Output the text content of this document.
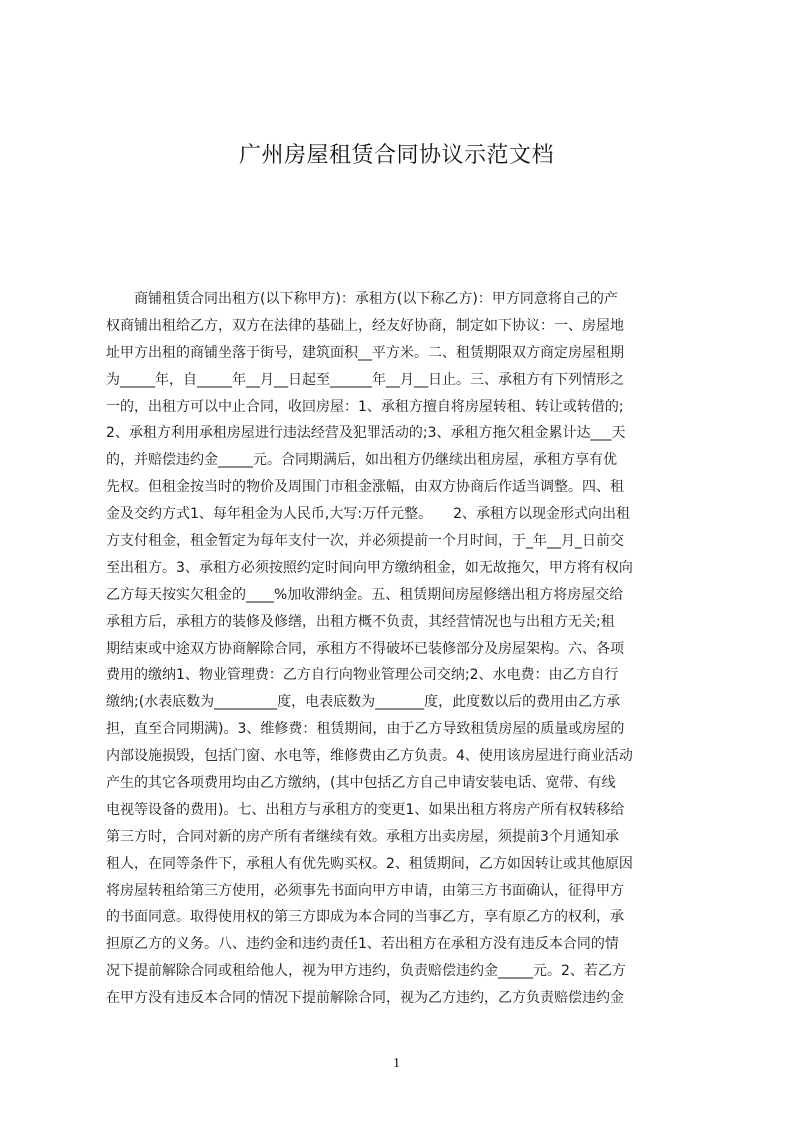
广州房屋租赁合同协议示范文档
　　商铺租赁合同出租方(以下称甲方)：承租方(以下称乙方)：甲方同意将自己的产
权商铺出租给乙方，双方在法律的基础上，经友好协商，制定如下协议：一、房屋地
址甲方出租的商铺坐落于街号，建筑面积__平方米。二、租赁期限双方商定房屋租期
为_____年，自_____年__月__日起至______年__月__日止。三、承租方有下列情形之
一的，出租方可以中止合同，收回房屋：1、承租方擅自将房屋转租、转让或转借的;
2、承租方利用承租房屋进行违法经营及犯罪活动的;3、承租方拖欠租金累计达___天
的，并赔偿违约金_____元。合同期满后，如出租方仍继续出租房屋，承租方享有优
先权。但租金按当时的物价及周围门市租金涨幅，由双方协商后作适当调整。四、租
金及交约方式1、每年租金为人民币,大写:万仟元整。　　2、承租方以现金形式向出租
方支付租金，租金暂定为每年支付一次，并必须提前一个月时间，于_年__月_日前交
至出租方。3、承租方必须按照约定时间向甲方缴纳租金，如无故拖欠，甲方将有权向
乙方每天按实欠租金的____%加收滞纳金。五、租赁期间房屋修缮出租方将房屋交给
承租方后，承租方的装修及修缮，出租方概不负责，其经营情况也与出租方无关;租
期结束或中途双方协商解除合同，承租方不得破坏已装修部分及房屋架构。六、各项
费用的缴纳1、物业管理费：乙方自行向物业管理公司交纳;2、水电费：由乙方自行
缴纳;(水表底数为_________度，电表底数为_______度，此度数以后的费用由乙方承
担，直至合同期满)。3、维修费：租赁期间，由于乙方导致租赁房屋的质量或房屋的
内部设施损毁，包括门窗、水电等，维修费由乙方负责。4、使用该房屋进行商业活动
产生的其它各项费用均由乙方缴纳，(其中包括乙方自己申请安装电话、宽带、有线
电视等设备的费用)。七、出租方与承租方的变更1、如果出租方将房产所有权转移给
第三方时，合同对新的房产所有者继续有效。承租方出卖房屋，须提前3个月通知承
租人，在同等条件下，承租人有优先购买权。2、租赁期间，乙方如因转让或其他原因
将房屋转租给第三方使用，必须事先书面向甲方申请，由第三方书面确认，征得甲方
的书面同意。取得使用权的第三方即成为本合同的当事乙方，享有原乙方的权利，承
担原乙方的义务。八、违约金和违约责任1、若出租方在承租方没有违反本合同的情
况下提前解除合同或租给他人，视为甲方违约，负责赔偿违约金_____元。2、若乙方
在甲方没有违反本合同的情况下提前解除合同，视为乙方违约，乙方负责赔偿违约金
1
